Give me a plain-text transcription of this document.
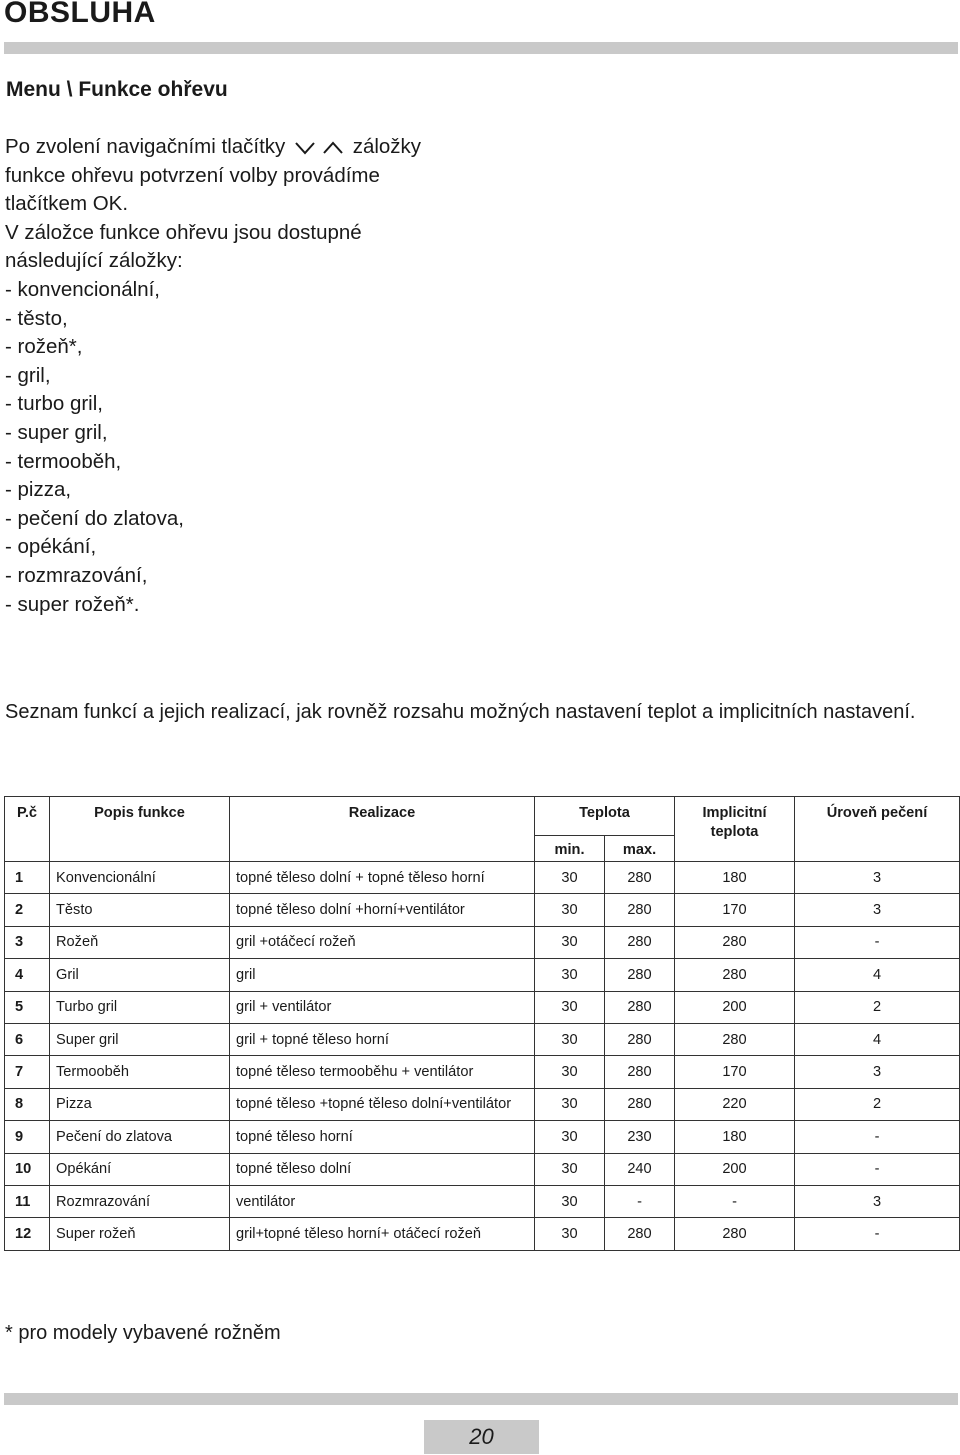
OBSLUHA
Menu \ Funkce ohřevu
Po zvolení navigačními tlačítky	záložky
funkce ohřevu potvrzení volby provádíme
tlačítkem OK.
V záložce funkce ohřevu jsou dostupné
následující záložky:
- konvencionální,
- těsto,
- rožeň*,
- gril,
- turbo gril,
- super gril,
- termooběh,
- pizza,
- pečení do zlatova,
- opékání,
- rozmrazování,
- super rožeň*.
Seznam funkcí a jejich realizací, jak rovněž rozsahu možných nastavení teplot a implicitních nastavení.
P.č	Popis funkce	Realizace	Teplota		Implicitní teplota	Úroveň pečení
			min.	max.		
1	Konvencionální	topné těleso dolní + topné těleso horní	30	280	180	3
2	Těsto	topné těleso dolní +horní+ventilátor	30	280	170	3
3	Rožeň	gril +otáčecí rožeň	30	280	280	-
4	Gril	gril	30	280	280	4
5	Turbo gril	gril + ventilátor	30	280	200	2
6	Super gril	gril + topné těleso horní	30	280	280	4
7	Termooběh	topné těleso termooběhu + ventilátor	30	280	170	3
8	Pizza	topné těleso +topné těleso dolní+ventilátor	30	280	220	2
9	Pečení do zlatova	topné těleso horní	30	230	180	-
10	Opékání	topné těleso dolní	30	240	200	-
11	Rozmrazování	ventilátor	30	-	-	3
12	Super rožeň	gril+topné těleso horní+ otáčecí rožeň	30	280	280	-
* pro modely vybavené rožněm
20
